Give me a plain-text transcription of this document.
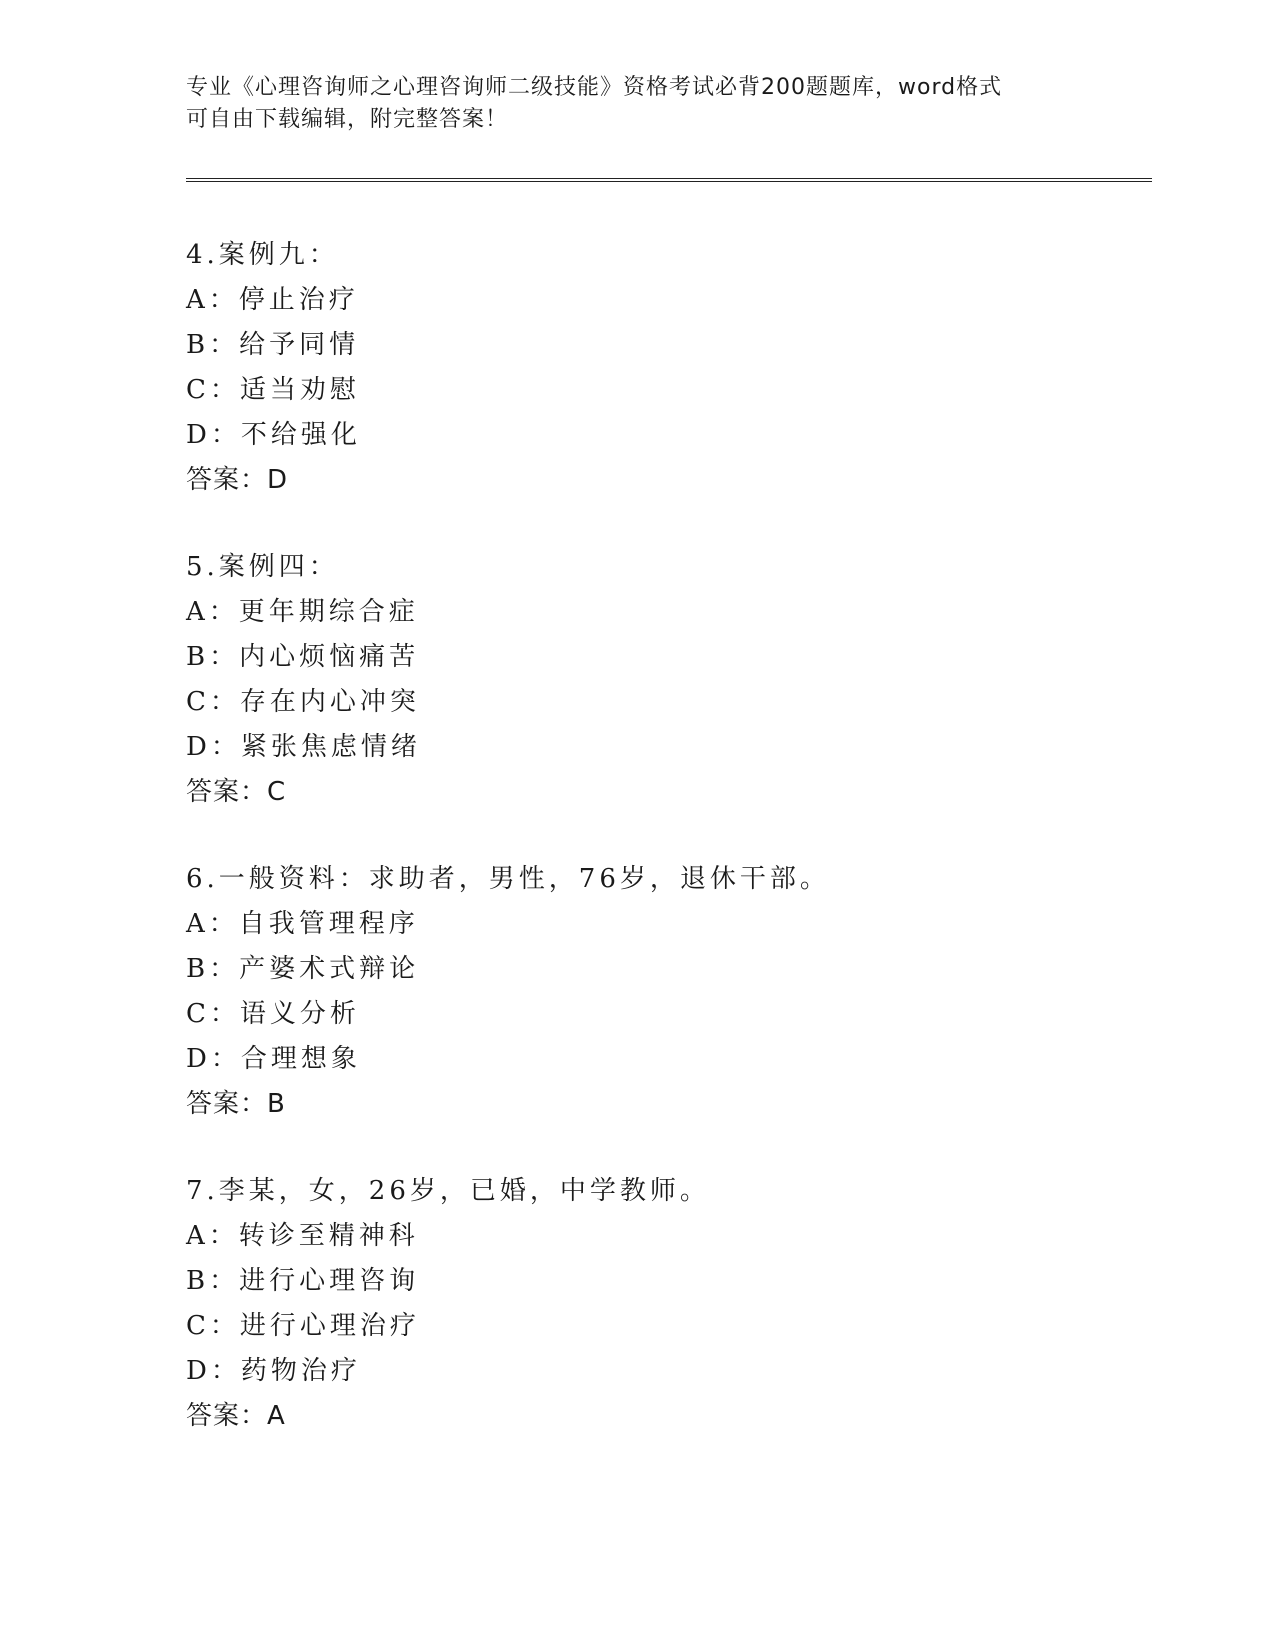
专业《心理咨询师之心理咨询师二级技能》资格考试必背200题题库，word格式
可自由下载编辑，附完整答案！
4.案例九：
A：停止治疗
B：给予同情
C：适当劝慰
D：不给强化
答案：D
5.案例四：
A：更年期综合症
B：内心烦恼痛苦
C：存在内心冲突
D：紧张焦虑情绪
答案：C
6.一般资料：求助者，男性，76岁，退休干部。
A：自我管理程序
B：产婆术式辩论
C：语义分析
D：合理想象
答案：B
7.李某，女，26岁，已婚，中学教师。
A：转诊至精神科
B：进行心理咨询
C：进行心理治疗
D：药物治疗
答案：A
